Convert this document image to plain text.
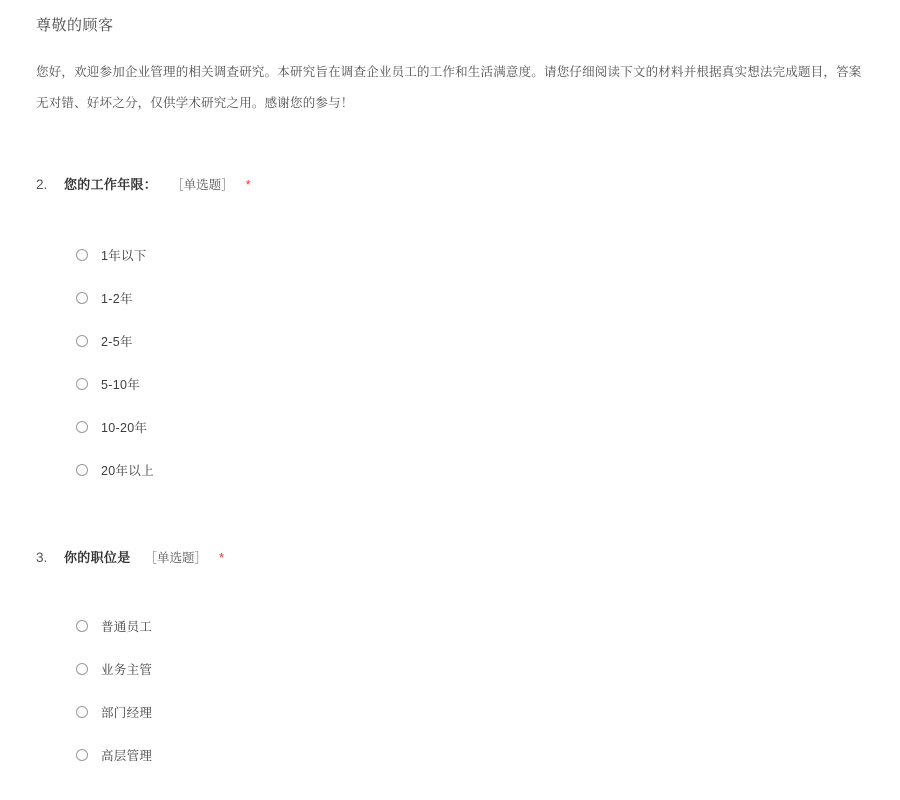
尊敬的顾客

您好，欢迎参加企业管理的相关调查研究。本研究旨在调查企业员工的工作和生活满意度。请您仔细阅读下文的材料并根据真实想法完成题目，答案无对错、好坏之分，仅供学术研究之用。感谢您的参与！

2.	您的工作年限： ［单选题］ *
1年以下
1-2年
2-5年
5-10年
10-20年
20年以上
3.	你的职位是 ［单选题］ *
普通员工
业务主管
部门经理
高层管理
